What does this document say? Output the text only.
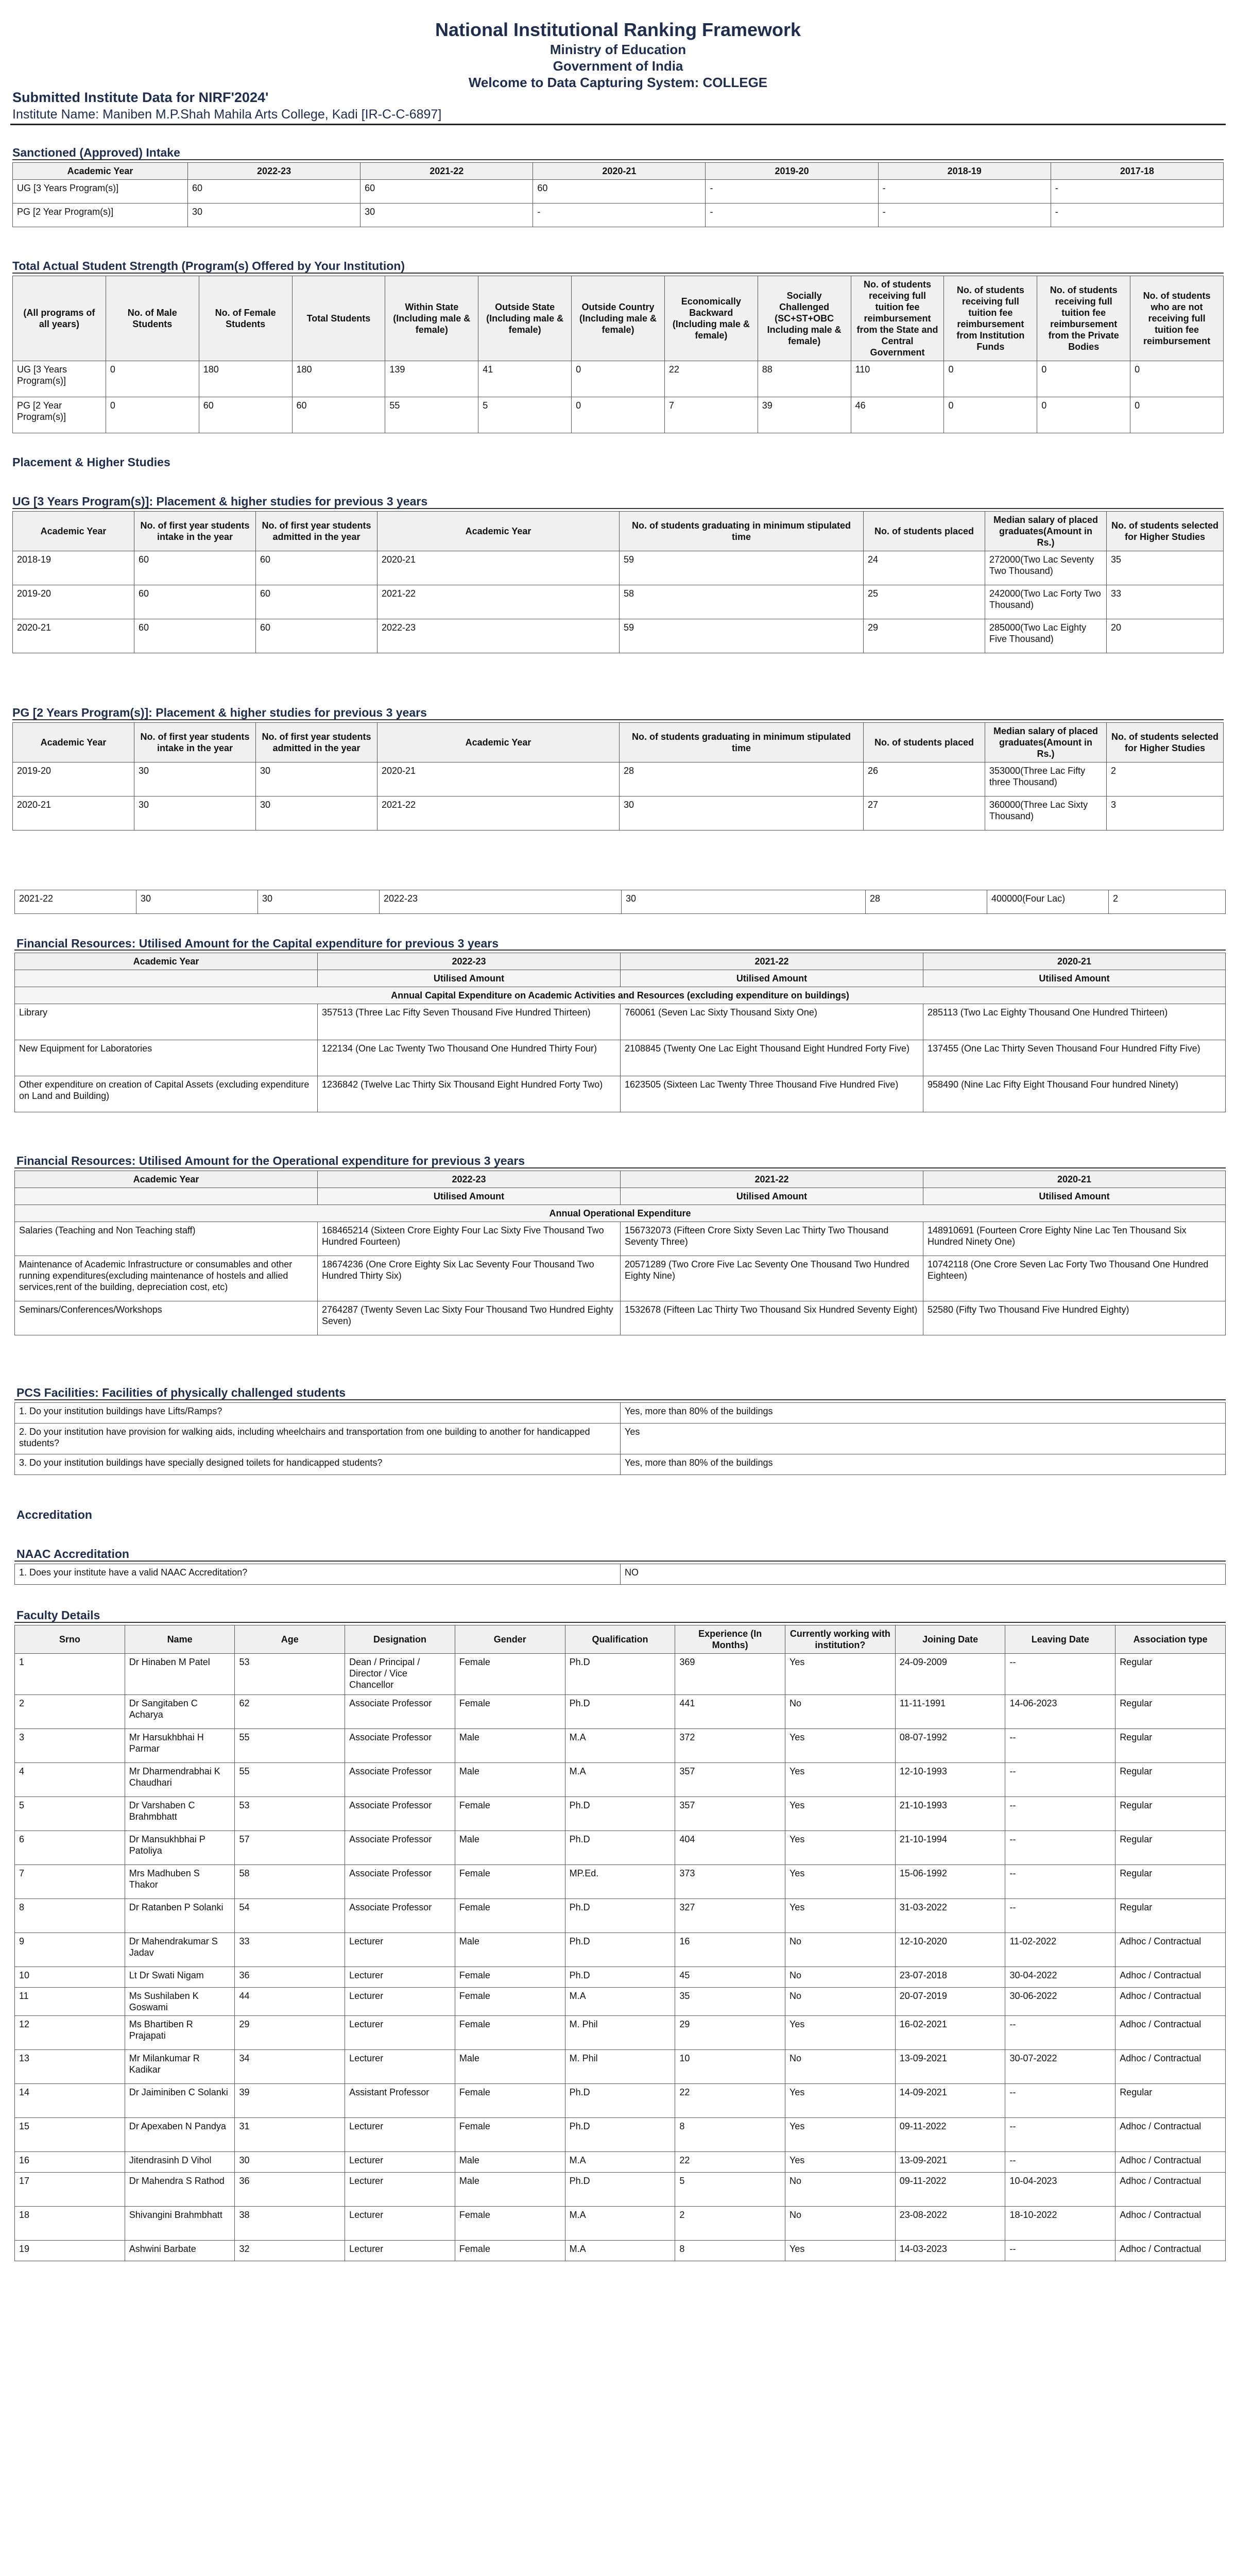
National Institutional Ranking Framework
Ministry of Education
Government of India
Welcome to Data Capturing System: COLLEGE
Submitted Institute Data for NIRF'2024'
Institute Name: Maniben M.P.Shah Mahila Arts College, Kadi [IR-C-C-6897]
Sanctioned (Approved) Intake
Academic Year	2022-23	2021-22	2020-21	2019-20	2018-19	2017-18
UG [3 Years Program(s)]	60	60	60	-	-	-
PG [2 Year Program(s)]	30	30	-	-	-	-
Total Actual Student Strength (Program(s) Offered by Your Institution)
(All programs of all years)	No. of Male Students	No. of Female Students	Total Students	Within State (Including male & female)	Outside State (Including male & female)	Outside Country (Including male & female)	Economically Backward (Including male & female)	Socially Challenged (SC+ST+OBC Including male & female)	No. of students receiving full tuition fee reimbursement from the State and Central Government	No. of students receiving full tuition fee reimbursement from Institution Funds	No. of students receiving full tuition fee reimbursement from the Private Bodies	No. of students who are not receiving full tuition fee reimbursement
UG [3 Years Program(s)]	0	180	180	139	41	0	22	88	110	0	0	0
PG [2 Year Program(s)]	0	60	60	55	5	0	7	39	46	0	0	0
Placement & Higher Studies
UG [3 Years Program(s)]: Placement & higher studies for previous 3 years
Academic Year	No. of first year students intake in the year	No. of first year students admitted in the year	Academic Year	No. of students graduating in minimum stipulated time	No. of students placed	Median salary of placed graduates(Amount in Rs.)	No. of students selected for Higher Studies
2018-19	60	60	2020-21	59	24	272000(Two Lac Seventy Two Thousand)	35
2019-20	60	60	2021-22	58	25	242000(Two Lac Forty Two Thousand)	33
2020-21	60	60	2022-23	59	29	285000(Two Lac Eighty Five Thousand)	20
PG [2 Years Program(s)]: Placement & higher studies for previous 3 years
Academic Year	No. of first year students intake in the year	No. of first year students admitted in the year	Academic Year	No. of students graduating in minimum stipulated time	No. of students placed	Median salary of placed graduates(Amount in Rs.)	No. of students selected for Higher Studies
2019-20	30	30	2020-21	28	26	353000(Three Lac Fifty three Thousand)	2
2020-21	30	30	2021-22	30	27	360000(Three Lac Sixty Thousand)	3
2021-22	30	30	2022-23	30	28	400000(Four Lac)	2
Financial Resources: Utilised Amount for the Capital expenditure for previous 3 years
Academic Year	2022-23	2021-22	2020-21
	Utilised Amount	Utilised Amount	Utilised Amount
Annual Capital Expenditure on Academic Activities and Resources (excluding expenditure on buildings)			
Library	357513 (Three Lac Fifty Seven Thousand Five Hundred Thirteen)	760061 (Seven Lac Sixty Thousand Sixty One)	285113 (Two Lac Eighty Thousand One Hundred Thirteen)
New Equipment for Laboratories	122134 (One Lac Twenty Two Thousand One Hundred Thirty Four)	2108845 (Twenty One Lac Eight Thousand Eight Hundred Forty Five)	137455 (One Lac Thirty Seven Thousand Four Hundred Fifty Five)
Other expenditure on creation of Capital Assets (excluding expenditure on Land and Building)	1236842 (Twelve Lac Thirty Six Thousand Eight Hundred Forty Two)	1623505 (Sixteen Lac Twenty Three Thousand Five Hundred Five)	958490 (Nine Lac Fifty Eight Thousand Four hundred Ninety)
Financial Resources: Utilised Amount for the Operational expenditure for previous 3 years
Academic Year	2022-23	2021-22	2020-21
	Utilised Amount	Utilised Amount	Utilised Amount
Annual Operational Expenditure			
Salaries (Teaching and Non Teaching staff)	168465214 (Sixteen Crore Eighty Four Lac Sixty Five Thousand Two Hundred Fourteen)	156732073 (Fifteen Crore Sixty Seven Lac Thirty Two Thousand Seventy Three)	148910691 (Fourteen Crore Eighty Nine Lac Ten Thousand Six Hundred Ninety One)
Maintenance of Academic Infrastructure or consumables and other running expenditures(excluding maintenance of hostels and allied services,rent of the building, depreciation cost, etc)	18674236 (One Crore Eighty Six Lac Seventy Four Thousand Two Hundred Thirty Six)	20571289 (Two Crore Five Lac Seventy One Thousand Two Hundred Eighty Nine)	10742118 (One Crore Seven Lac Forty Two Thousand One Hundred Eighteen)
Seminars/Conferences/Workshops	2764287 (Twenty Seven Lac Sixty Four Thousand Two Hundred Eighty Seven)	1532678 (Fifteen Lac Thirty Two Thousand Six Hundred Seventy Eight)	52580 (Fifty Two Thousand Five Hundred Eighty)
PCS Facilities: Facilities of physically challenged students
1. Do your institution buildings have Lifts/Ramps?	Yes, more than 80% of the buildings
2. Do your institution have provision for walking aids, including wheelchairs and transportation from one building to another for handicapped students?	Yes
3. Do your institution buildings have specially designed toilets for handicapped students?	Yes, more than 80% of the buildings
Accreditation
NAAC Accreditation
1. Does your institute have a valid NAAC Accreditation?	NO
Faculty Details
Srno	Name	Age	Designation	Gender	Qualification	Experience (In Months)	Currently working with institution?	Joining Date	Leaving Date	Association type
1	Dr Hinaben M Patel	53	Dean / Principal / Director / Vice Chancellor	Female	Ph.D	369	Yes	24-09-2009	--	Regular
2	Dr Sangitaben C Acharya	62	Associate Professor	Female	Ph.D	441	No	11-11-1991	14-06-2023	Regular
3	Mr Harsukhbhai H Parmar	55	Associate Professor	Male	M.A	372	Yes	08-07-1992	--	Regular
4	Mr Dharmendrabhai K Chaudhari	55	Associate Professor	Male	M.A	357	Yes	12-10-1993	--	Regular
5	Dr Varshaben C Brahmbhatt	53	Associate Professor	Female	Ph.D	357	Yes	21-10-1993	--	Regular
6	Dr Mansukhbhai P Patoliya	57	Associate Professor	Male	Ph.D	404	Yes	21-10-1994	--	Regular
7	Mrs Madhuben S Thakor	58	Associate Professor	Female	MP.Ed.	373	Yes	15-06-1992	--	Regular
8	Dr Ratanben P Solanki	54	Associate Professor	Female	Ph.D	327	Yes	31-03-2022	--	Regular
9	Dr Mahendrakumar S Jadav	33	Lecturer	Male	Ph.D	16	No	12-10-2020	11-02-2022	Adhoc / Contractual
10	Lt Dr Swati Nigam	36	Lecturer	Female	Ph.D	45	No	23-07-2018	30-04-2022	Adhoc / Contractual
11	Ms Sushilaben K Goswami	44	Lecturer	Female	M.A	35	No	20-07-2019	30-06-2022	Adhoc / Contractual
12	Ms Bhartiben R Prajapati	29	Lecturer	Female	M. Phil	29	Yes	16-02-2021	--	Adhoc / Contractual
13	Mr Milankumar R Kadikar	34	Lecturer	Male	M. Phil	10	No	13-09-2021	30-07-2022	Adhoc / Contractual
14	Dr Jaiminiben C Solanki	39	Assistant Professor	Female	Ph.D	22	Yes	14-09-2021	--	Regular
15	Dr Apexaben N Pandya	31	Lecturer	Female	Ph.D	8	Yes	09-11-2022	--	Adhoc / Contractual
16	Jitendrasinh D Vihol	30	Lecturer	Male	M.A	22	Yes	13-09-2021	--	Adhoc / Contractual
17	Dr Mahendra S Rathod	36	Lecturer	Male	Ph.D	5	No	09-11-2022	10-04-2023	Adhoc / Contractual
18	Shivangini Brahmbhatt	38	Lecturer	Female	M.A	2	No	23-08-2022	18-10-2022	Adhoc / Contractual
19	Ashwini Barbate	32	Lecturer	Female	M.A	8	Yes	14-03-2023	--	Adhoc / Contractual
